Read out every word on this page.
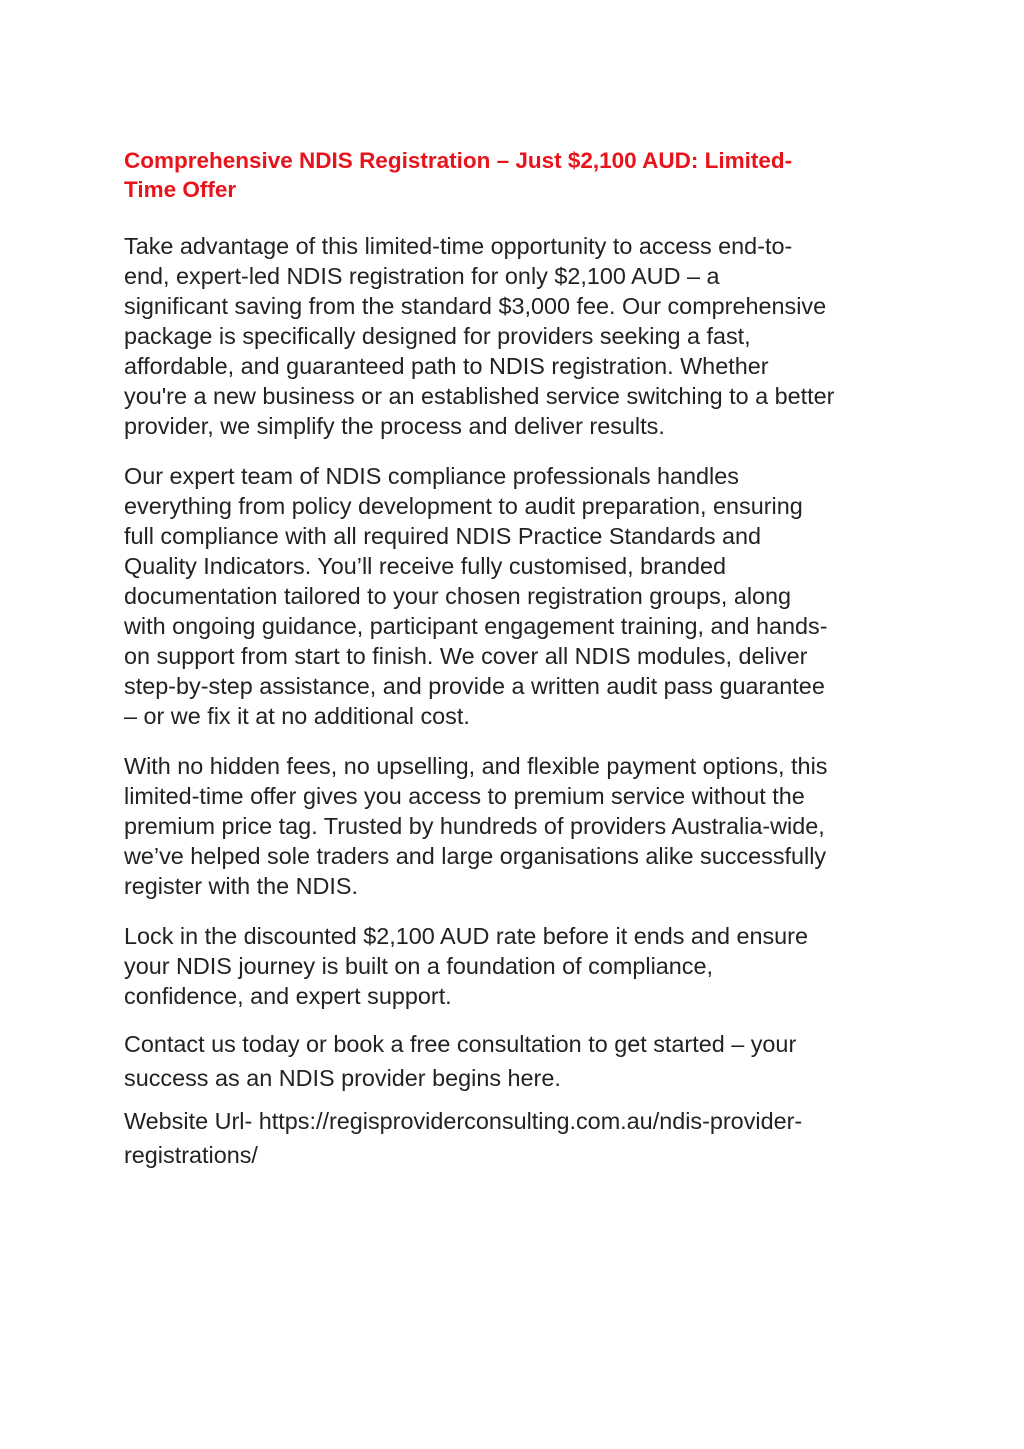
Comprehensive NDIS Registration – Just $2,100 AUD: Limited-
Time Offer

Take advantage of this limited-time opportunity to access end-to-
end, expert-led NDIS registration for only $2,100 AUD – a
significant saving from the standard $3,000 fee. Our comprehensive
package is specifically designed for providers seeking a fast,
affordable, and guaranteed path to NDIS registration. Whether
you're a new business or an established service switching to a better
provider, we simplify the process and deliver results.

Our expert team of NDIS compliance professionals handles
everything from policy development to audit preparation, ensuring
full compliance with all required NDIS Practice Standards and
Quality Indicators. You’ll receive fully customised, branded
documentation tailored to your chosen registration groups, along
with ongoing guidance, participant engagement training, and hands-
on support from start to finish. We cover all NDIS modules, deliver
step-by-step assistance, and provide a written audit pass guarantee
– or we fix it at no additional cost.

With no hidden fees, no upselling, and flexible payment options, this
limited-time offer gives you access to premium service without the
premium price tag. Trusted by hundreds of providers Australia-wide,
we’ve helped sole traders and large organisations alike successfully
register with the NDIS.

Lock in the discounted $2,100 AUD rate before it ends and ensure
your NDIS journey is built on a foundation of compliance,
confidence, and expert support.

Contact us today or book a free consultation to get started – your
success as an NDIS provider begins here.

Website Url- https://regisproviderconsulting.com.au/ndis-provider-
registrations/
